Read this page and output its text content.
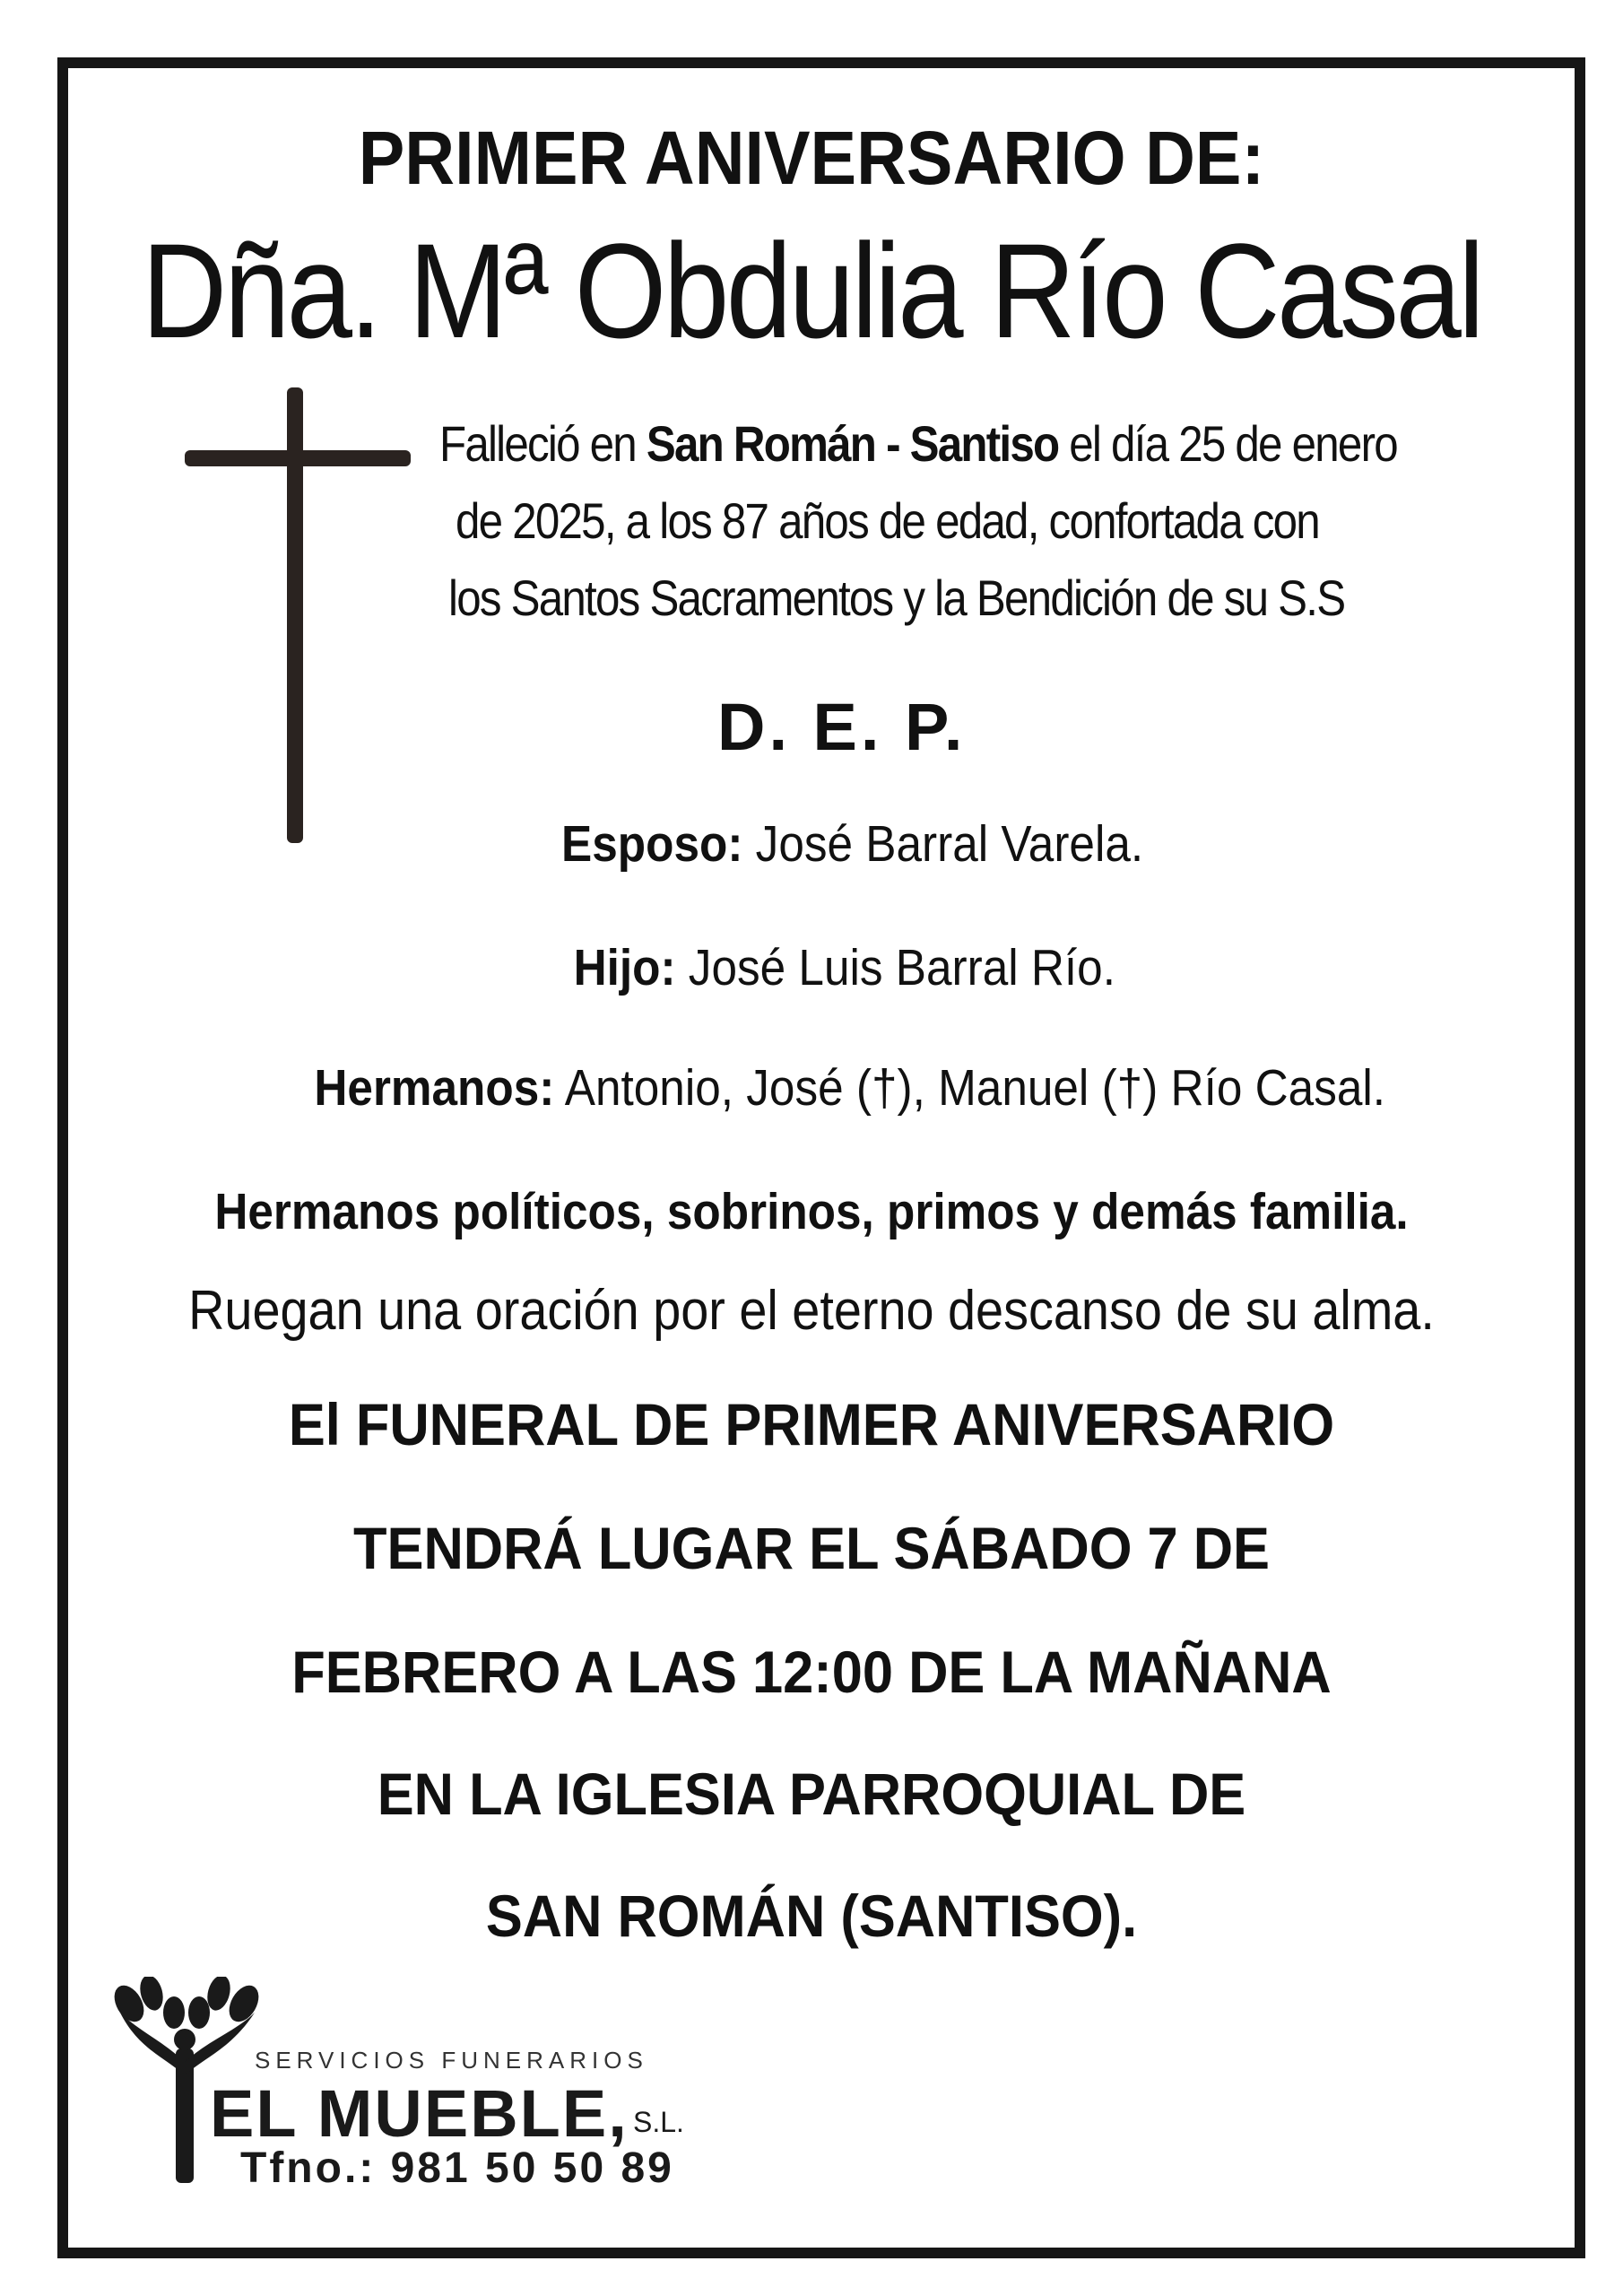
PRIMER ANIVERSARIO DE:
Dña. Mª Obdulia Río Casal
Falleció en San Román - Santiso el día 25 de enero
de 2025, a los 87 años de edad, confortada con
los Santos Sacramentos y la Bendición de su S.S
D. E. P.
Esposo: José Barral Varela.
Hijo: José Luis Barral Río.
Hermanos: Antonio, José (†), Manuel (†) Río Casal.
Hermanos políticos, sobrinos, primos y demás familia.
Ruegan una oración por el eterno descanso de su alma.
El FUNERAL DE PRIMER ANIVERSARIO
TENDRÁ LUGAR EL SÁBADO 7 DE
FEBRERO A LAS 12:00 DE LA MAÑANA
EN LA IGLESIA PARROQUIAL DE
SAN ROMÁN (SANTISO).
SERVICIOS FUNERARIOS
EL MUEBLE, S.L.
Tfno.: 981 50 50 89
